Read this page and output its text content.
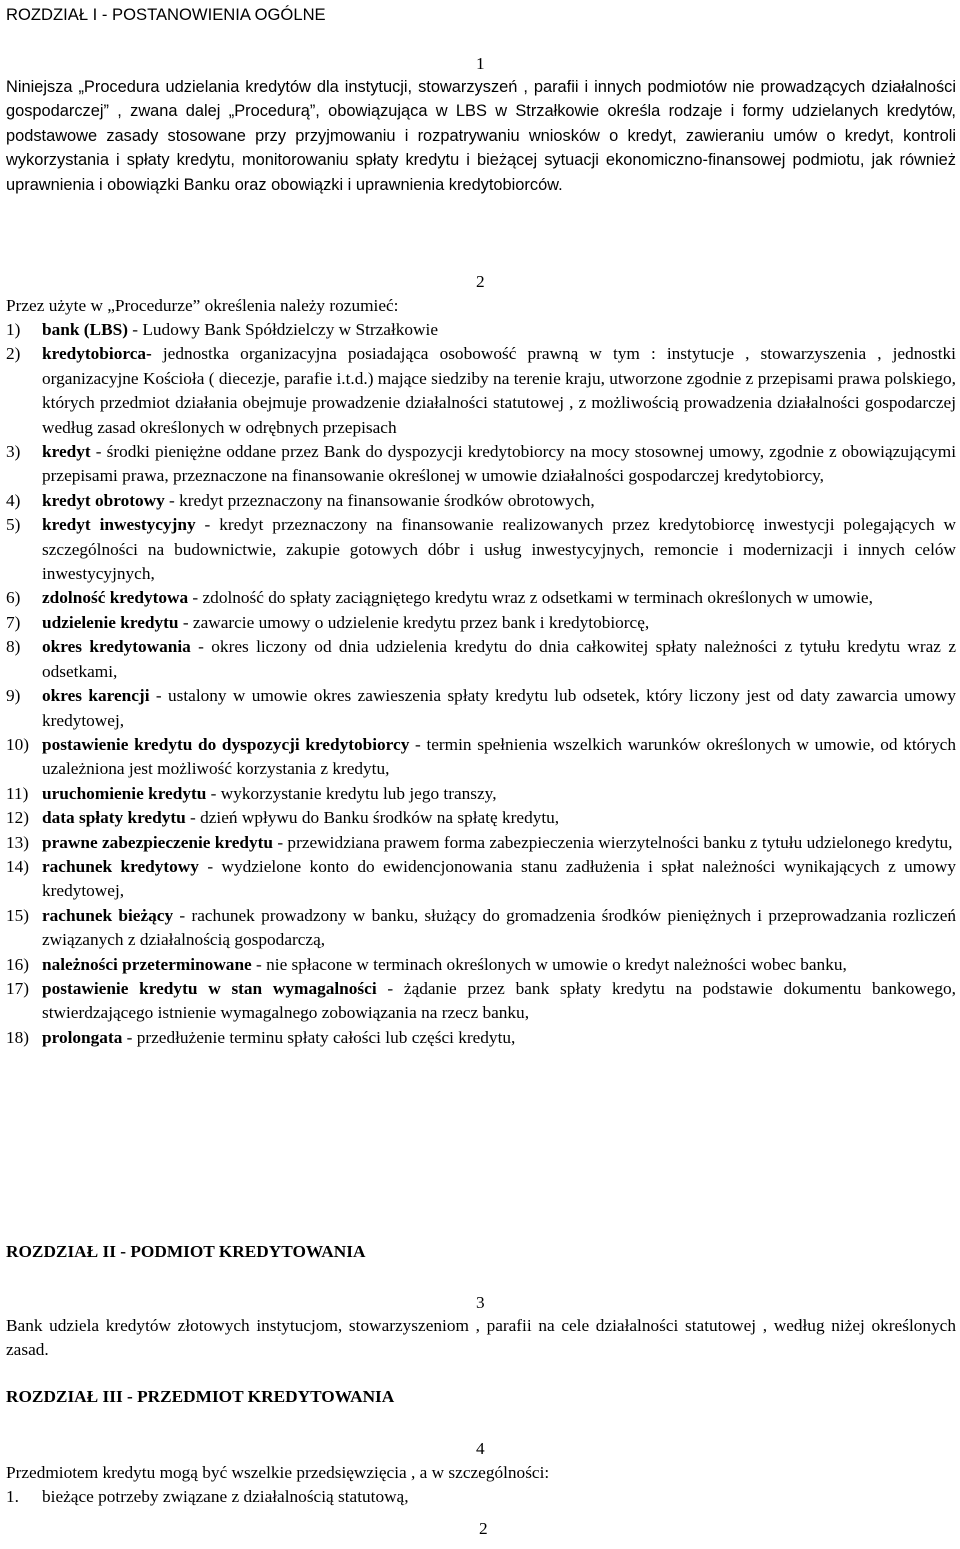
ROZDZIAŁ I - POSTANOWIENIA OGÓLNE
1
Niniejsza „Procedura udzielania kredytów dla instytucji, stowarzyszeń , parafii i innych podmiotów nie prowadzących działalności gospodarczej” , zwana dalej „Procedurą”, obowiązująca w LBS w Strzałkowie określa rodzaje i formy udzielanych kredytów, podstawowe zasady stosowane przy przyjmowaniu i rozpatrywaniu wniosków o kredyt, zawieraniu umów o kredyt, kontroli wykorzystania i spłaty kredytu, monitorowaniu spłaty kredytu i bieżącej sytuacji ekonomiczno-finansowej podmiotu, jak również uprawnienia i obowiązki Banku oraz obowiązki i uprawnienia kredytobiorców.
2
Przez użyte w „Procedurze” określenia należy rozumieć:
1) bank (LBS) - Ludowy Bank Spółdzielczy w Strzałkowie
2) kredytobiorca- jednostka organizacyjna posiadająca osobowość prawną w tym : instytucje , stowarzyszenia , jednostki organizacyjne Kościoła ( diecezje, parafie i.t.d.) mające siedziby na terenie kraju, utworzone zgodnie z przepisami prawa polskiego, których przedmiot działania obejmuje prowadzenie działalności statutowej , z możliwością prowadzenia działalności gospodarczej według zasad określonych w odrębnych przepisach
3) kredyt - środki pieniężne oddane przez Bank do dyspozycji kredytobiorcy na mocy stosownej umowy, zgodnie z obowiązującymi przepisami prawa, przeznaczone na finansowanie określonej w umowie działalności gospodarczej kredytobiorcy,
4) kredyt obrotowy - kredyt przeznaczony na finansowanie środków obrotowych,
5) kredyt inwestycyjny - kredyt przeznaczony na finansowanie realizowanych przez kredytobiorcę inwestycji polegających w szczególności na budownictwie, zakupie gotowych dóbr i usług inwestycyjnych, remoncie i modernizacji i innych celów inwestycyjnych,
6) zdolność kredytowa - zdolność do spłaty zaciągniętego kredytu wraz z odsetkami w terminach określonych w umowie,
7) udzielenie kredytu - zawarcie umowy o udzielenie kredytu przez bank i kredytobiorcę,
8) okres kredytowania - okres liczony od dnia udzielenia kredytu do dnia całkowitej spłaty należności z tytułu kredytu wraz z odsetkami,
9) okres karencji - ustalony w umowie okres zawieszenia spłaty kredytu lub odsetek, który liczony jest od daty zawarcia umowy kredytowej,
10) postawienie kredytu do dyspozycji kredytobiorcy - termin spełnienia wszelkich warunków określonych w umowie, od których uzależniona jest możliwość korzystania z kredytu,
11) uruchomienie kredytu - wykorzystanie kredytu lub jego transzy,
12) data spłaty kredytu - dzień wpływu do Banku środków na spłatę kredytu,
13) prawne zabezpieczenie kredytu - przewidziana prawem forma zabezpieczenia wierzytelności banku z tytułu udzielonego kredytu,
14) rachunek kredytowy - wydzielone konto do ewidencjonowania stanu zadłużenia i spłat należności wynikających z umowy kredytowej,
15) rachunek bieżący - rachunek prowadzony w banku, służący do gromadzenia środków pieniężnych i przeprowadzania rozliczeń związanych z działalnością gospodarczą,
16) należności przeterminowane - nie spłacone w terminach określonych w umowie o kredyt należności wobec banku,
17) postawienie kredytu w stan wymagalności - żądanie przez bank spłaty kredytu na podstawie dokumentu bankowego, stwierdzającego istnienie wymagalnego zobowiązania na rzecz banku,
18) prolongata - przedłużenie terminu spłaty całości lub części kredytu,
ROZDZIAŁ II - PODMIOT KREDYTOWANIA
3
Bank udziela kredytów złotowych instytucjom, stowarzyszeniom , parafii na cele działalności statutowej , według niżej określonych zasad.
ROZDZIAŁ III - PRZEDMIOT KREDYTOWANIA
4
Przedmiotem kredytu mogą być wszelkie przedsięwzięcia , a w szczególności:
1. bieżące potrzeby związane z działalnością statutową,
2
